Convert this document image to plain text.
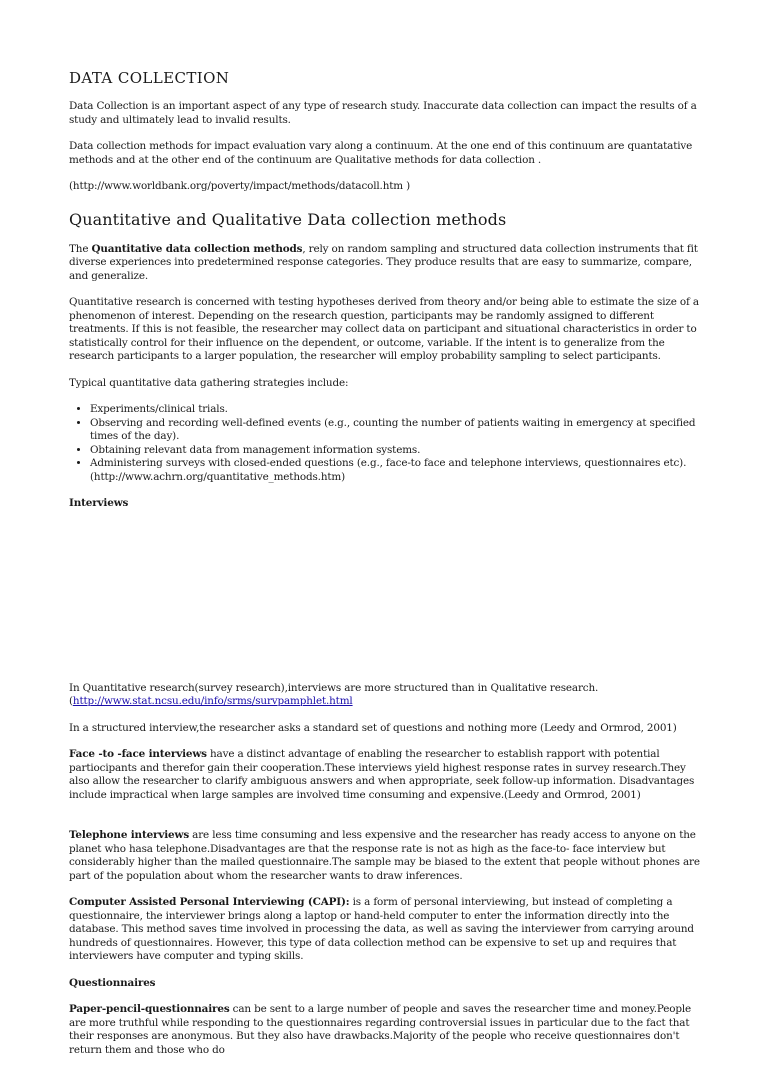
DATA COLLECTION

Data Collection is an important aspect of any type of research study. Inaccurate data collection can impact the results of a study and ultimately lead to invalid results.

Data collection methods for impact evaluation vary along a continuum. At the one end of this continuum are quantatative methods and at the other end of the continuum are Qualitative methods for data collection .

(http://www.worldbank.org/poverty/impact/methods/datacoll.htm )

Quantitative and Qualitative Data collection methods

The Quantitative data collection methods, rely on random sampling and structured data collection instruments that fit diverse experiences into predetermined response categories. They produce results that are easy to summarize, compare, and generalize.

Quantitative research is concerned with testing hypotheses derived from theory and/or being able to estimate the size of a phenomenon of interest. Depending on the research question, participants may be randomly assigned to different treatments. If this is not feasible, the researcher may collect data on participant and situational characteristics in order to statistically control for their influence on the dependent, or outcome, variable. If the intent is to generalize from the research participants to a larger population, the researcher will employ probability sampling to select participants.

Typical quantitative data gathering strategies include:

• Experiments/clinical trials.
• Observing and recording well-defined events (e.g., counting the number of patients waiting in emergency at specified times of the day).
• Obtaining relevant data from management information systems.
• Administering surveys with closed-ended questions (e.g., face-to face and telephone interviews, questionnaires etc). (http://www.achrn.org/quantitative_methods.htm)

Interviews

In Quantitative research(survey research),interviews are more structured than in Qualitative research.
(http://www.stat.ncsu.edu/info/srms/survpamphlet.html

In a structured interview,the researcher asks a standard set of questions and nothing more (Leedy and Ormrod, 2001)

Face -to -face interviews have a distinct advantage of enabling the researcher to establish rapport with potential partiocipants and therefor gain their cooperation.These interviews yield highest response rates in survey research.They also allow the researcher to clarify ambiguous answers and when appropriate, seek follow-up information. Disadvantages include impractical when large samples are involved time consuming and expensive.(Leedy and Ormrod, 2001)

Telephone interviews are less time consuming and less expensive and the researcher has ready access to anyone on the planet who hasa telephone.Disadvantages are that the response rate is not as high as the face-to- face interview but considerably higher than the mailed questionnaire.The sample may be biased to the extent that people without phones are part of the population about whom the researcher wants to draw inferences.

Computer Assisted Personal Interviewing (CAPI): is a form of personal interviewing, but instead of completing a questionnaire, the interviewer brings along a laptop or hand-held computer to enter the information directly into the database. This method saves time involved in processing the data, as well as saving the interviewer from carrying around hundreds of questionnaires. However, this type of data collection method can be expensive to set up and requires that interviewers have computer and typing skills.

Questionnaires

Paper-pencil-questionnaires can be sent to a large number of people and saves the researcher time and money.People are more truthful while responding to the questionnaires regarding controversial issues in particular due to the fact that their responses are anonymous. But they also have drawbacks.Majority of the people who receive questionnaires don't return them and those who do
